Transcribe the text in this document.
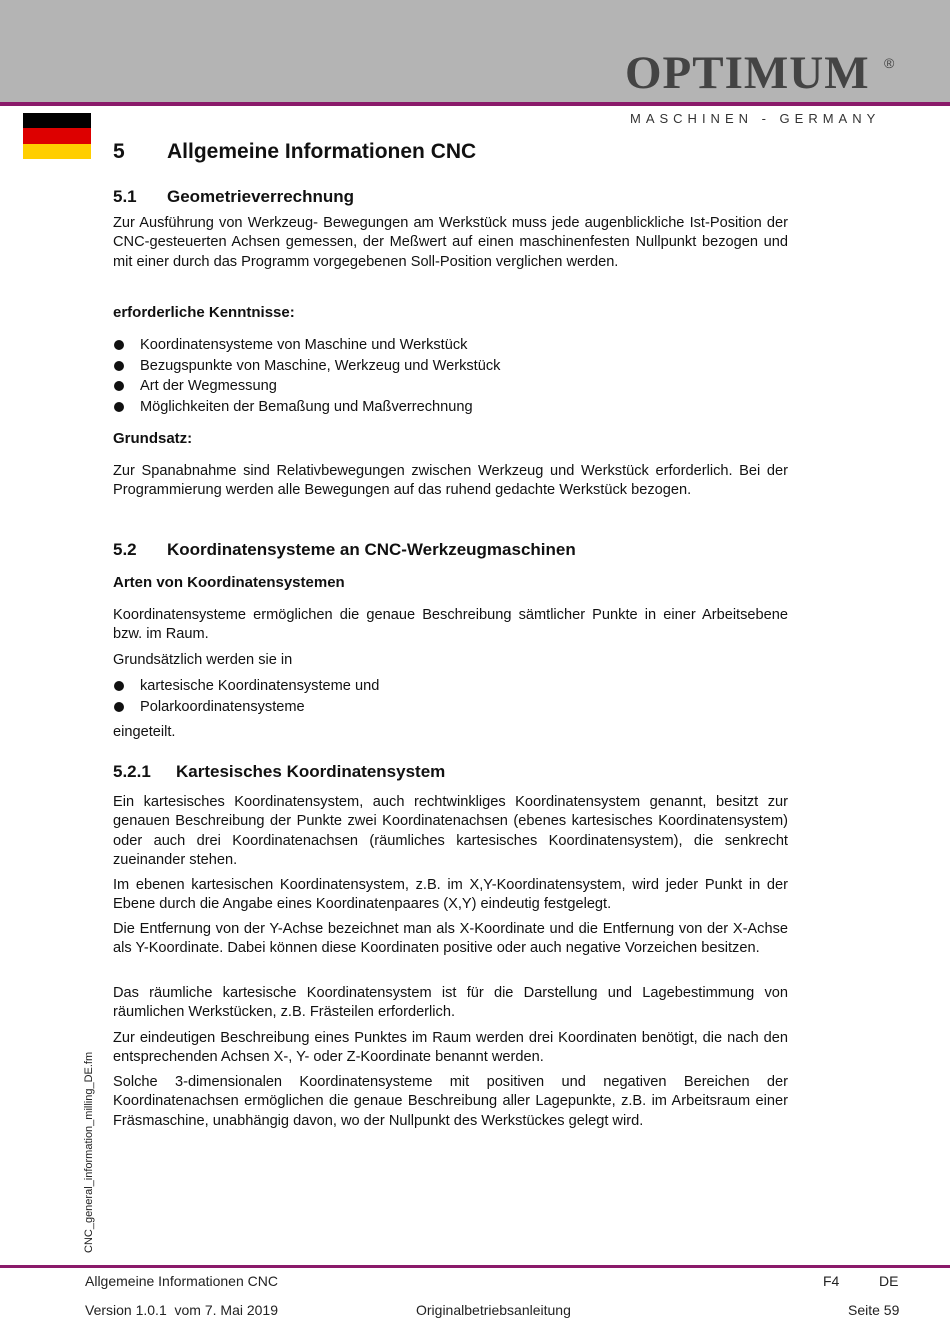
OPTIMUM	®
MASCHINEN - GERMANY
CNC_general_information_milling_DE.fm
5 Allgemeine Informationen CNC
5.1 Geometrieverrechnung
Zur Ausführung von Werkzeug- Bewegungen am Werkstück muss jede augenblickliche Ist-Position der CNC-gesteuerten Achsen gemessen, der Meßwert auf einen maschinenfesten Nullpunkt bezogen und mit einer durch das Programm vorgegebenen Soll-Position verglichen werden.
erforderliche Kenntnisse:
Koordinatensysteme von Maschine und Werkstück
Bezugspunkte von Maschine, Werkzeug und Werkstück
Art der Wegmessung
Möglichkeiten der Bemaßung und Maßverrechnung
Grundsatz:
Zur Spanabnahme sind Relativbewegungen zwischen Werkzeug und Werkstück erforderlich. Bei der Programmierung werden alle Bewegungen auf das ruhend gedachte Werkstück bezogen.
5.2 Koordinatensysteme an CNC-Werkzeugmaschinen
Arten von Koordinatensystemen
Koordinatensysteme ermöglichen die genaue Beschreibung sämtlicher Punkte in einer Arbeitsebene bzw. im Raum.
Grundsätzlich werden sie in
kartesische Koordinatensysteme und
Polarkoordinatensysteme
eingeteilt.
5.2.1 Kartesisches Koordinatensystem
Ein kartesisches Koordinatensystem, auch rechtwinkliges Koordinatensystem genannt, besitzt zur genauen Beschreibung der Punkte zwei Koordinatenachsen (ebenes kartesisches Koordinatensystem) oder auch drei Koordinatenachsen (räumliches kartesisches Koordinatensystem), die senkrecht zueinander stehen.
Im ebenen kartesischen Koordinatensystem, z.B. im X,Y-Koordinatensystem, wird jeder Punkt in der Ebene durch die Angabe eines Koordinatenpaares (X,Y) eindeutig festgelegt.
Die Entfernung von der Y-Achse bezeichnet man als X-Koordinate und die Entfernung von der X-Achse als Y-Koordinate. Dabei können diese Koordinaten positive oder auch negative Vorzeichen besitzen.
Das räumliche kartesische Koordinatensystem ist für die Darstellung und Lagebestimmung von räumlichen Werkstücken, z.B. Frästeilen erforderlich.
Zur eindeutigen Beschreibung eines Punktes im Raum werden drei Koordinaten benötigt, die nach den entsprechenden Achsen X-, Y- oder Z-Koordinate benannt werden.
Solche 3-dimensionalen Koordinatensysteme mit positiven und negativen Bereichen der Koordinatenachsen ermöglichen die genaue Beschreibung aller Lagepunkte, z.B. im Arbeitsraum einer Fräsmaschine, unabhängig davon, wo der Nullpunkt des Werkstückes gelegt wird.
Allgemeine Informationen CNC	F4	DE
Version 1.0.1  vom 7. Mai 2019	Originalbetriebsanleitung	Seite 59
